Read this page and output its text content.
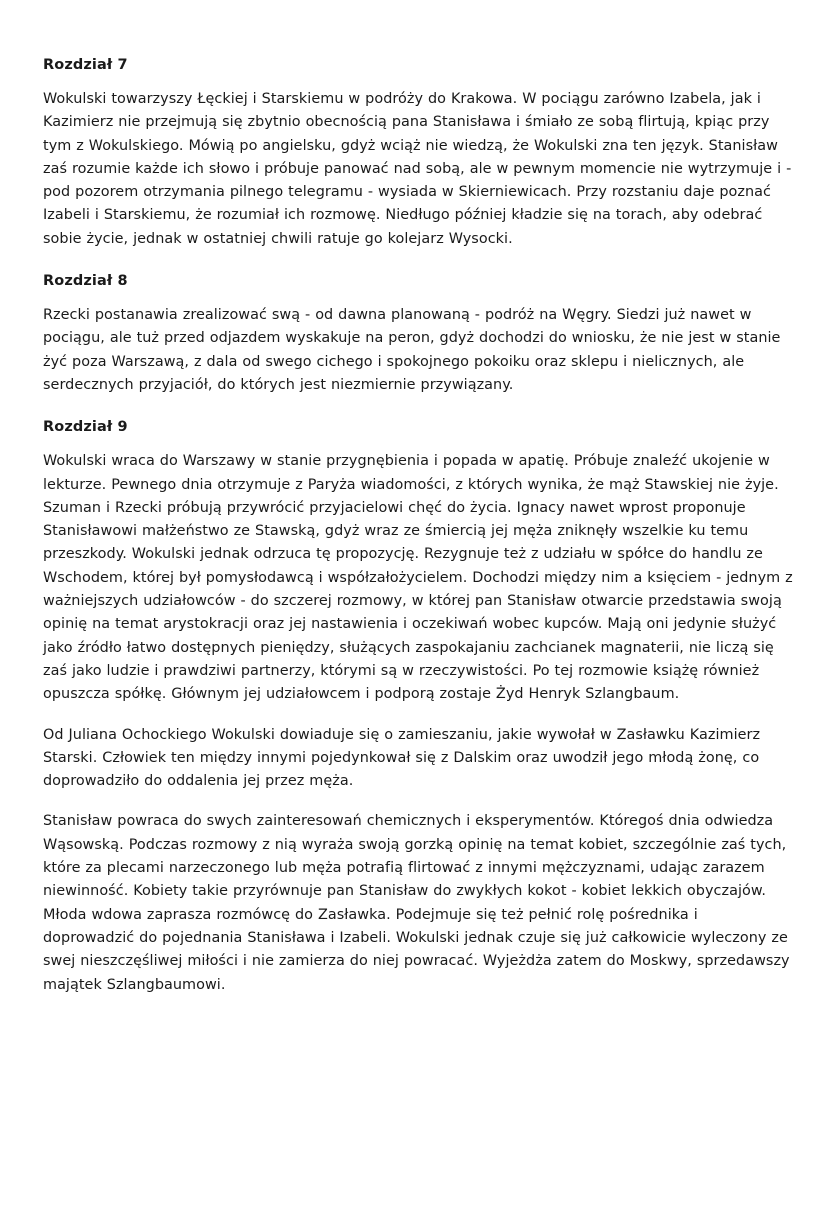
Rozdział 7

Wokulski towarzyszy Łęckiej i Starskiemu w podróży do Krakowa. W pociągu zarówno Izabela, jak i Kazimierz nie przejmują się zbytnio obecnością pana Stanisława i śmiało ze sobą flirtują, kpiąc przy tym z Wokulskiego. Mówią po angielsku, gdyż wciąż nie wiedzą, że Wokulski zna ten język. Stanisław zaś rozumie każde ich słowo i próbuje panować nad sobą, ale w pewnym momencie nie wytrzymuje i - pod pozorem otrzymania pilnego telegramu - wysiada w Skierniewicach. Przy rozstaniu daje poznać Izabeli i Starskiemu, że rozumiał ich rozmowę. Niedługo później kładzie się na torach, aby odebrać sobie życie, jednak w ostatniej chwili ratuje go kolejarz Wysocki.

Rozdział 8

Rzecki postanawia zrealizować swą - od dawna planowaną - podróż na Węgry. Siedzi już nawet w pociągu, ale tuż przed odjazdem wyskakuje na peron, gdyż dochodzi do wniosku, że nie jest w stanie żyć poza Warszawą, z dala od swego cichego i spokojnego pokoiku oraz sklepu i nielicznych, ale serdecznych przyjaciół, do których jest niezmiernie przywiązany.

Rozdział 9

Wokulski wraca do Warszawy w stanie przygnębienia i popada w apatię. Próbuje znaleźć ukojenie w lekturze. Pewnego dnia otrzymuje z Paryża wiadomości, z których wynika, że mąż Stawskiej nie żyje. Szuman i Rzecki próbują przywrócić przyjacielowi chęć do życia. Ignacy nawet wprost proponuje Stanisławowi małżeństwo ze Stawską, gdyż wraz ze śmiercią jej męża zniknęły wszelkie ku temu przeszkody. Wokulski jednak odrzuca tę propozycję. Rezygnuje też z udziału w spółce do handlu ze Wschodem, której był pomysłodawcą i współzałożycielem. Dochodzi między nim a księciem - jednym z ważniejszych udziałowców - do szczerej rozmowy, w której pan Stanisław otwarcie przedstawia swoją opinię na temat arystokracji oraz jej nastawienia i oczekiwań wobec kupców. Mają oni jedynie służyć jako źródło łatwo dostępnych pieniędzy, służących zaspokajaniu zachcianek magnaterii, nie liczą się zaś jako ludzie i prawdziwi partnerzy, którymi są w rzeczywistości. Po tej rozmowie książę również opuszcza spółkę. Głównym jej udziałowcem i podporą zostaje Żyd Henryk Szlangbaum.

Od Juliana Ochockiego Wokulski dowiaduje się o zamieszaniu, jakie wywołał w Zasławku Kazimierz Starski. Człowiek ten między innymi pojedynkował się z Dalskim oraz uwodził jego młodą żonę, co doprowadziło do oddalenia jej przez męża.

Stanisław powraca do swych zainteresowań chemicznych i eksperymentów. Któregoś dnia odwiedza Wąsowską. Podczas rozmowy z nią wyraża swoją gorzką opinię na temat kobiet, szczególnie zaś tych, które za plecami narzeczonego lub męża potrafią flirtować z innymi mężczyznami, udając zarazem niewinność. Kobiety takie przyrównuje pan Stanisław do zwykłych kokot - kobiet lekkich obyczajów. Młoda wdowa zaprasza rozmówcę do Zasławka. Podejmuje się też pełnić rolę pośrednika i doprowadzić do pojednania Stanisława i Izabeli. Wokulski jednak czuje się już całkowicie wyleczony ze swej nieszczęśliwej miłości i nie zamierza do niej powracać. Wyjeżdża zatem do Moskwy, sprzedawszy majątek Szlangbaumowi.
